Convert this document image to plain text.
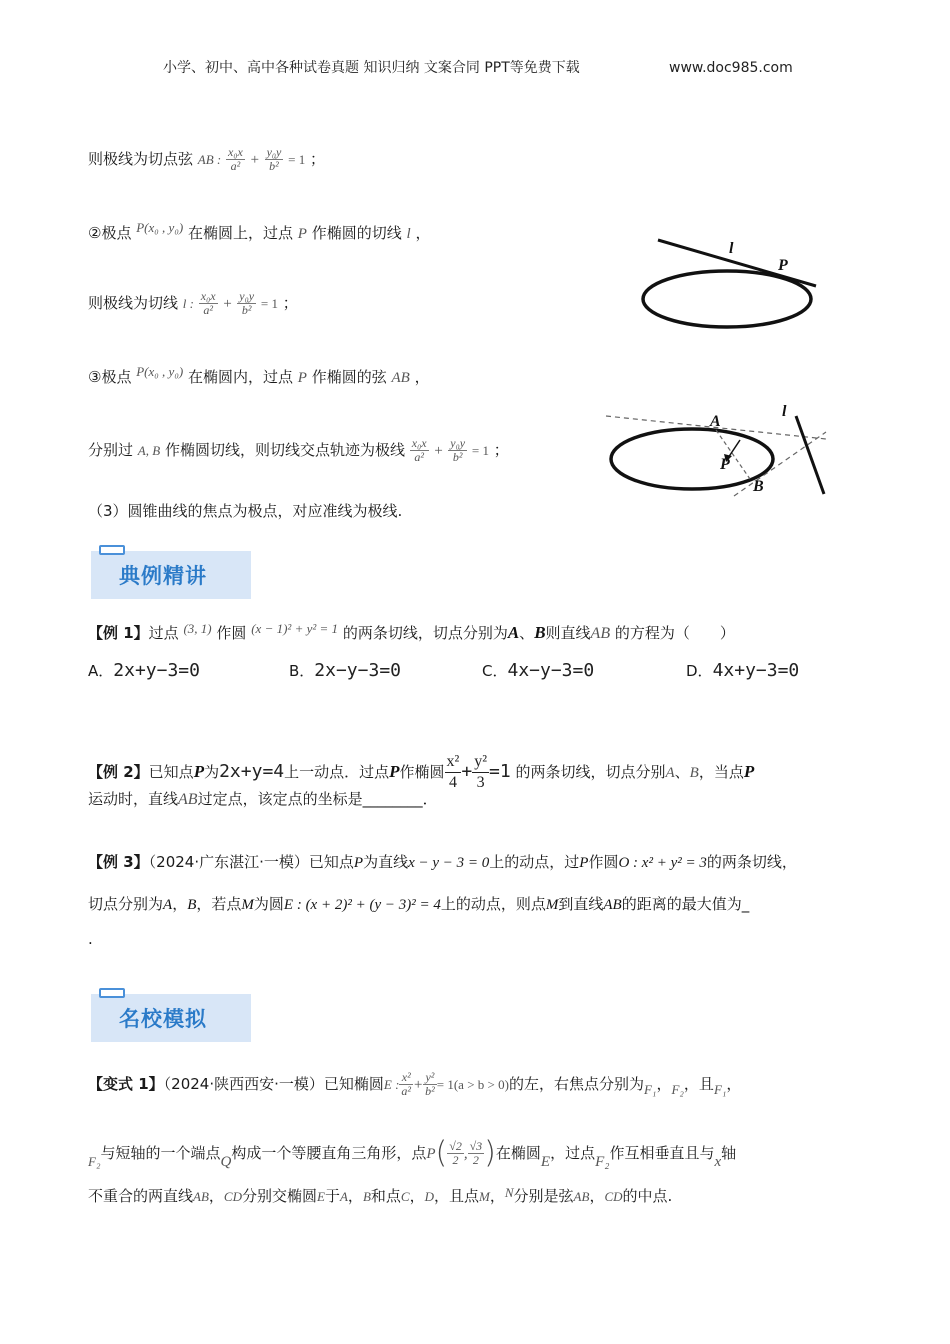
小学、初中、高中各种试卷真题 知识归纳 文案合同 PPT等免费下载	www.doc985.com
则极线为切点弦 AB : $\frac{\text{x₀x}}{\text{a²}} + \frac{\text{y₀y}}{\text{b²}} = 1$ ；
②极点 P(x₀ , y₀) 在椭圆上，过点 P 作椭圆的切线 l ，
则极线为切线 l : $\frac{\text{x₀x}}{\text{a²}} + \frac{\text{y₀y}}{\text{b²}} = 1$ ；
③极点 P(x₀ , y₀) 在椭圆内，过点 P 作椭圆的弦 AB ，
分别过 A, B 作椭圆切线，则切线交点轨迹为极线 $\frac{\text{x₀x}}{\text{a²}} + \frac{\text{y₀y}}{\text{b²}} = 1$ ；
（3）圆锥曲线的焦点为极点，对应准线为极线.
l
P
A
P
B
l
典例精讲
【例 1】过点 (3, 1) 作圆 (x − 1)² + y² = 1 的两条切线，切点分别为A、B则直线AB 的方程为（　　）
A．2x+y−3=0	B．2x−y−3=0	C．4x−y−3=0	D．4x+y−3=0
【例 2】已知点P为2x+y=4上一动点．过点P作椭圆 $\frac{\text{x²}}{4} + \frac{\text{y²}}{3} =1$ 的两条切线，切点分别A、B，当点P
运动时，直线AB过定点，该定点的坐标是________．
【例 3】（2024·广东湛江·一模）已知点P为直线x − y − 3 = 0上的动点，过P作圆O : x² + y² = 3的两条切线，
切点分别为A，B，若点M为圆E : (x + 2)² + (y − 3)² = 4上的动点，则点M到直线AB的距离的最大值为_
.
名校模拟
【变式 1】（2024·陕西西安·一模）已知椭圆E : $\frac{\text{x²}}{\text{a²}} + \frac{\text{y²}}{\text{b²}} = 1(a > b > 0)$的左，右焦点分别为F₁，F₂，且F₁，
F₂与短轴的一个端点Q构成一个等腰直角三角形，点$P( \frac{√2}{2}$ , $\frac{√3}{2}$ )在椭圆E，过点F₂作互相垂直且与x轴
不重合的两直线AB，CD分别交椭圆E于A，B和点C，D，且点M，N分别是弦AB，CD的中点.
